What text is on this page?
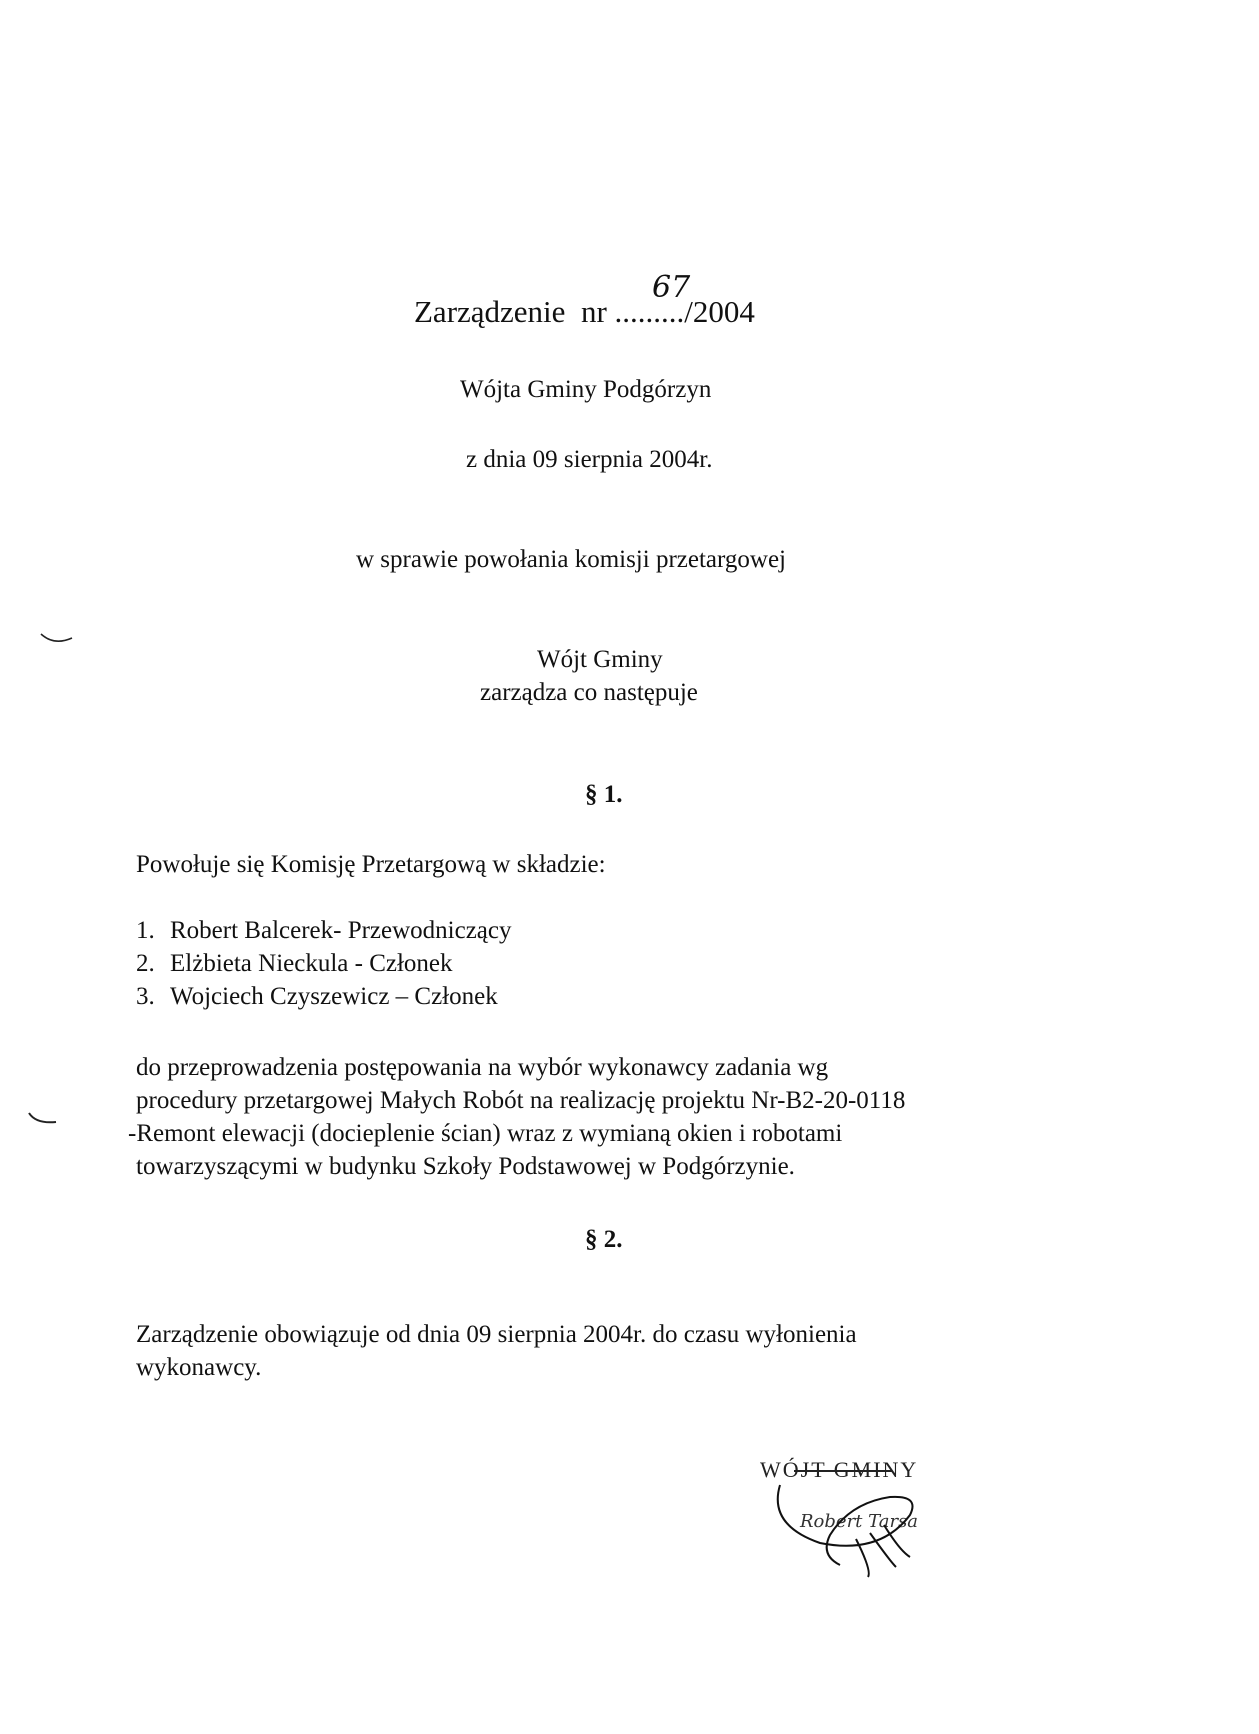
Zarządzenie nr ........./2004
67
Wójta Gminy Podgórzyn
z dnia 09 sierpnia 2004r.
w sprawie powołania komisji przetargowej
Wójt Gminy
zarządza co następuje
§ 1.
Powołuje się Komisję Przetargową w składzie:
1. Robert Balcerek- Przewodniczący
2. Elżbieta Nieckula - Członek
3. Wojciech Czyszewicz – Członek
do przeprowadzenia postępowania na wybór wykonawcy zadania wg
procedury przetargowej Małych Robót na realizację projektu Nr-B2-20-0118
-Remont elewacji (docieplenie ścian) wraz z wymianą okien i robotami
towarzyszącymi w budynku Szkoły Podstawowej w Podgórzynie.
§ 2.
Zarządzenie obowiązuje od dnia 09 sierpnia 2004r. do czasu wyłonienia
wykonawcy.
WÓJT GMINY
Robert Tarsa
